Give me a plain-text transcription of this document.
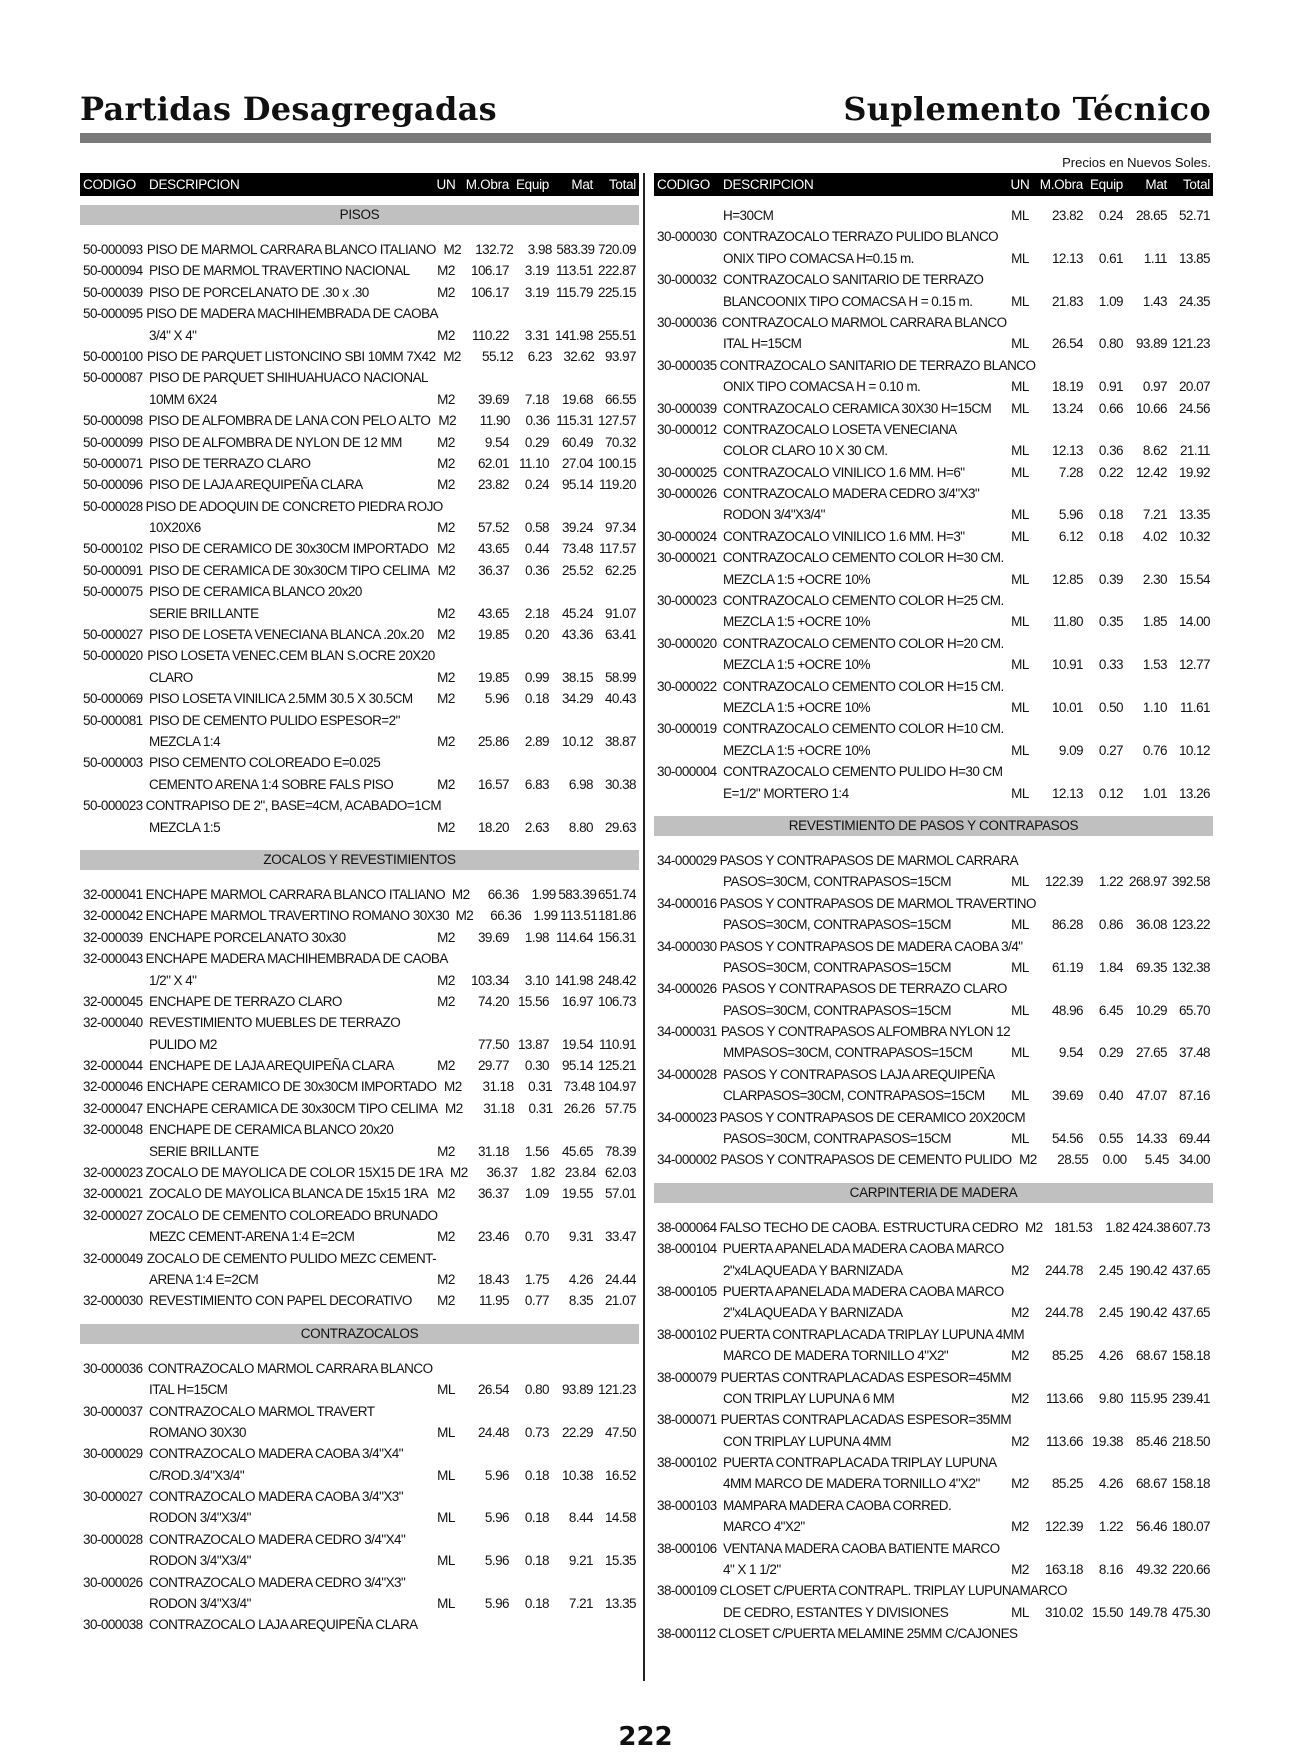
Partidas Desagregadas	Suplemento Técnico
Precios en Nuevos Soles.
CODIGO DESCRIPCION	UN M.Obra Equip	Mat	Total
PISOS
50-000093 PISO DE MARMOL CARRARA BLANCO ITALIANO M2	132.72	3.98 583.39 720.09
50-000094 PISO DE MARMOL TRAVERTINO NACIONAL	M2	106.17	3.19 113.51 222.87
50-000039 PISO DE PORCELANATO DE .30 x .30	M2	106.17	3.19 115.79 225.15
50-000095 PISO DE MADERA MACHIHEMBRADA DE CAOBA
3/4" X 4"	M2	110.22	3.31 141.98 255.51
50-000100 PISO DE PARQUET LISTONCINO SBI 10MM 7X42 M2	55.12	6.23 32.62 93.97
50-000087 PISO DE PARQUET SHIHUAHUACO NACIONAL
10MM 6X24	M2	39.69	7.18 19.68 66.55
50-000098 PISO DE ALFOMBRA DE LANA CON PELO ALTO M2	11.90	0.36 115.31 127.57
50-000099 PISO DE ALFOMBRA DE NYLON DE 12 MM	M2	9.54	0.29 60.49 70.32
50-000071 PISO DE TERRAZO CLARO	M2	62.01 11.10 27.04 100.15
50-000096 PISO DE LAJA AREQUIPEÑA CLARA	M2	23.82	0.24 95.14 119.20
50-000028 PISO DE ADOQUIN DE CONCRETO PIEDRA ROJO
10X20X6	M2	57.52	0.58 39.24 97.34
50-000102 PISO DE CERAMICO DE 30x30CM IMPORTADO M2	43.65	0.44 73.48 117.57
50-000091 PISO DE CERAMICA DE 30x30CM TIPO CELIMA M2	36.37	0.36 25.52 62.25
50-000075 PISO DE CERAMICA BLANCO 20x20
SERIE BRILLANTE	M2	43.65	2.18 45.24 91.07
50-000027 PISO DE LOSETA VENECIANA BLANCA .20x.20 M2	19.85	0.20 43.36 63.41
50-000020 PISO LOSETA VENEC.CEM BLAN S.OCRE 20X20
CLARO	M2	19.85	0.99 38.15 58.99
50-000069 PISO LOSETA VINILICA 2.5MM 30.5 X 30.5CM	M2	5.96	0.18 34.29 40.43
50-000081 PISO DE CEMENTO PULIDO ESPESOR=2"
MEZCLA 1:4	M2	25.86	2.89 10.12 38.87
50-000003 PISO CEMENTO COLOREADO E=0.025
CEMENTO ARENA 1:4 SOBRE FALS PISO	M2	16.57	6.83	6.98 30.38
50-000023 CONTRAPISO DE 2", BASE=4CM, ACABADO=1CM
MEZCLA 1:5	M2	18.20	2.63	8.80 29.63
ZOCALOS Y REVESTIMIENTOS
32-000041 ENCHAPE MARMOL CARRARA BLANCO ITALIANO M2	66.36 1.99 583.39 651.74
32-000042 ENCHAPE MARMOL TRAVERTINO ROMANO 30X30 M2	66.36 1.99 113.51 181.86
32-000039 ENCHAPE PORCELANATO 30x30	M2	39.69	1.98 114.64 156.31
32-000043 ENCHAPE MADERA MACHIHEMBRADA DE CAOBA
1/2" X 4"	M2	103.34	3.10 141.98 248.42
32-000045 ENCHAPE DE TERRAZO CLARO	M2	74.20 15.56 16.97 106.73
32-000040 REVESTIMIENTO MUEBLES DE TERRAZO
PULIDO M2	77.50 13.87 19.54 110.91
32-000044 ENCHAPE DE LAJA AREQUIPEÑA CLARA	M2	29.77	0.30 95.14 125.21
32-000046 ENCHAPE CERAMICO DE 30x30CM IMPORTADO M2	31.18	0.31 73.48 104.97
32-000047 ENCHAPE CERAMICA DE 30x30CM TIPO CELIMA M2	31.18	0.31 26.26 57.75
32-000048 ENCHAPE DE CERAMICA BLANCO 20x20
SERIE BRILLANTE	M2	31.18	1.56 45.65 78.39
32-000023 ZOCALO DE MAYOLICA DE COLOR 15X15 DE 1RA M2	36.37 1.82 23.84 62.03
32-000021 ZOCALO DE MAYOLICA BLANCA DE 15x15 1RA M2	36.37	1.09 19.55 57.01
32-000027 ZOCALO DE CEMENTO COLOREADO BRUNADO
MEZC CEMENT-ARENA 1:4 E=2CM	M2	23.46	0.70	9.31 33.47
32-000049 ZOCALO DE CEMENTO PULIDO MEZC CEMENT-
ARENA 1:4 E=2CM	M2	18.43	1.75	4.26 24.44
32-000030 REVESTIMIENTO CON PAPEL DECORATIVO	M2	11.95	0.77	8.35 21.07
CONTRAZOCALOS
30-000036 CONTRAZOCALO MARMOL CARRARA BLANCO
ITAL H=15CM	ML	26.54	0.80 93.89 121.23
30-000037 CONTRAZOCALO MARMOL TRAVERT
ROMANO 30X30	ML	24.48	0.73 22.29 47.50
30-000029 CONTRAZOCALO MADERA CAOBA 3/4"X4"
C/ROD.3/4"X3/4"	ML	5.96	0.18 10.38 16.52
30-000027 CONTRAZOCALO MADERA CAOBA 3/4"X3"
RODON 3/4"X3/4"	ML	5.96	0.18	8.44 14.58
30-000028 CONTRAZOCALO MADERA CEDRO 3/4"X4"
RODON 3/4"X3/4"	ML	5.96	0.18	9.21 15.35
30-000026 CONTRAZOCALO MADERA CEDRO 3/4"X3"
RODON 3/4"X3/4"	ML	5.96	0.18	7.21 13.35
30-000038 CONTRAZOCALO LAJA AREQUIPEÑA CLARA
CODIGO DESCRIPCION	UN M.Obra Equip	Mat	Total
H=30CM	ML	23.82	0.24 28.65 52.71
30-000030 CONTRAZOCALO TERRAZO PULIDO BLANCO
ONIX TIPO COMACSA H=0.15 m.	ML	12.13	0.61	1.11 13.85
30-000032 CONTRAZOCALO SANITARIO DE TERRAZO
BLANCOONIX TIPO COMACSA H = 0.15 m.	ML	21.83	1.09	1.43 24.35
30-000036 CONTRAZOCALO MARMOL CARRARA BLANCO
ITAL H=15CM	ML	26.54	0.80 93.89 121.23
30-000035 CONTRAZOCALO SANITARIO DE TERRAZO BLANCO
ONIX TIPO COMACSA H = 0.10 m.	ML	18.19	0.91	0.97 20.07
30-000039 CONTRAZOCALO CERAMICA 30X30 H=15CM	ML	13.24	0.66 10.66 24.56
30-000012 CONTRAZOCALO LOSETA VENECIANA
COLOR CLARO 10 X 30 CM.	ML	12.13	0.36	8.62 21.11
30-000025 CONTRAZOCALO VINILICO 1.6 MM. H=6"	ML	7.28	0.22 12.42 19.92
30-000026 CONTRAZOCALO MADERA CEDRO 3/4"X3"
RODON 3/4"X3/4"	ML	5.96	0.18	7.21 13.35
30-000024 CONTRAZOCALO VINILICO 1.6 MM. H=3"	ML	6.12	0.18	4.02 10.32
30-000021 CONTRAZOCALO CEMENTO COLOR H=30 CM.
MEZCLA 1:5 +OCRE 10%	ML	12.85	0.39	2.30 15.54
30-000023 CONTRAZOCALO CEMENTO COLOR H=25 CM.
MEZCLA 1:5 +OCRE 10%	ML	11.80	0.35	1.85 14.00
30-000020 CONTRAZOCALO CEMENTO COLOR H=20 CM.
MEZCLA 1:5 +OCRE 10%	ML	10.91	0.33	1.53 12.77
30-000022 CONTRAZOCALO CEMENTO COLOR H=15 CM.
MEZCLA 1:5 +OCRE 10%	ML	10.01	0.50	1.10 11.61
30-000019 CONTRAZOCALO CEMENTO COLOR H=10 CM.
MEZCLA 1:5 +OCRE 10%	ML	9.09	0.27	0.76 10.12
30-000004 CONTRAZOCALO CEMENTO PULIDO H=30 CM
E=1/2" MORTERO 1:4	ML	12.13	0.12	1.01 13.26
REVESTIMIENTO DE PASOS Y CONTRAPASOS
34-000029 PASOS Y CONTRAPASOS DE MARMOL CARRARA
PASOS=30CM, CONTRAPASOS=15CM	ML	122.39	1.22 268.97 392.58
34-000016 PASOS Y CONTRAPASOS DE MARMOL TRAVERTINO
PASOS=30CM, CONTRAPASOS=15CM	ML	86.28	0.86 36.08 123.22
34-000030 PASOS Y CONTRAPASOS DE MADERA CAOBA 3/4"
PASOS=30CM, CONTRAPASOS=15CM	ML	61.19	1.84 69.35 132.38
34-000026 PASOS Y CONTRAPASOS DE TERRAZO CLARO
PASOS=30CM, CONTRAPASOS=15CM	ML	48.96	6.45 10.29 65.70
34-000031 PASOS Y CONTRAPASOS ALFOMBRA NYLON 12
MMPASOS=30CM, CONTRAPASOS=15CM	ML	9.54	0.29 27.65 37.48
34-000028 PASOS Y CONTRAPASOS LAJA AREQUIPEÑA
CLARPASOS=30CM, CONTRAPASOS=15CM	ML	39.69	0.40 47.07 87.16
34-000023 PASOS Y CONTRAPASOS DE CERAMICO 20X20CM
PASOS=30CM, CONTRAPASOS=15CM	ML	54.56	0.55 14.33 69.44
34-000002 PASOS Y CONTRAPASOS DE CEMENTO PULIDO M2	28.55	0.00	5.45 34.00
CARPINTERIA DE MADERA
38-000064 FALSO TECHO DE CAOBA. ESTRUCTURA CEDRO M2 181.53 1.82 424.38 607.73
38-000104 PUERTA APANELADA MADERA CAOBA MARCO
2"x4LAQUEADA Y BARNIZADA	M2	244.78	2.45 190.42 437.65
38-000105 PUERTA APANELADA MADERA CAOBA MARCO
2"x4LAQUEADA Y BARNIZADA	M2	244.78	2.45 190.42 437.65
38-000102 PUERTA CONTRAPLACADA TRIPLAY LUPUNA 4MM
MARCO DE MADERA TORNILLO 4"X2"	M2	85.25	4.26 68.67 158.18
38-000079 PUERTAS CONTRAPLACADAS ESPESOR=45MM
CON TRIPLAY LUPUNA 6 MM	M2	113.66	9.80 115.95 239.41
38-000071 PUERTAS CONTRAPLACADAS ESPESOR=35MM
CON TRIPLAY LUPUNA 4MM	M2	113.66 19.38 85.46 218.50
38-000102 PUERTA CONTRAPLACADA TRIPLAY LUPUNA
4MM MARCO DE MADERA TORNILLO 4"X2"	M2	85.25	4.26 68.67 158.18
38-000103 MAMPARA MADERA CAOBA CORRED.
MARCO 4"X2"	M2	122.39	1.22 56.46 180.07
38-000106 VENTANA MADERA CAOBA BATIENTE MARCO
4" X 1 1/2"	M2	163.18	8.16 49.32 220.66
38-000109 CLOSET C/PUERTA CONTRAPL. TRIPLAY LUPUNAMARCO
DE CEDRO, ESTANTES Y DIVISIONES	ML	310.02 15.50 149.78 475.30
38-000112 CLOSET C/PUERTA MELAMINE 25MM C/CAJONES
222
